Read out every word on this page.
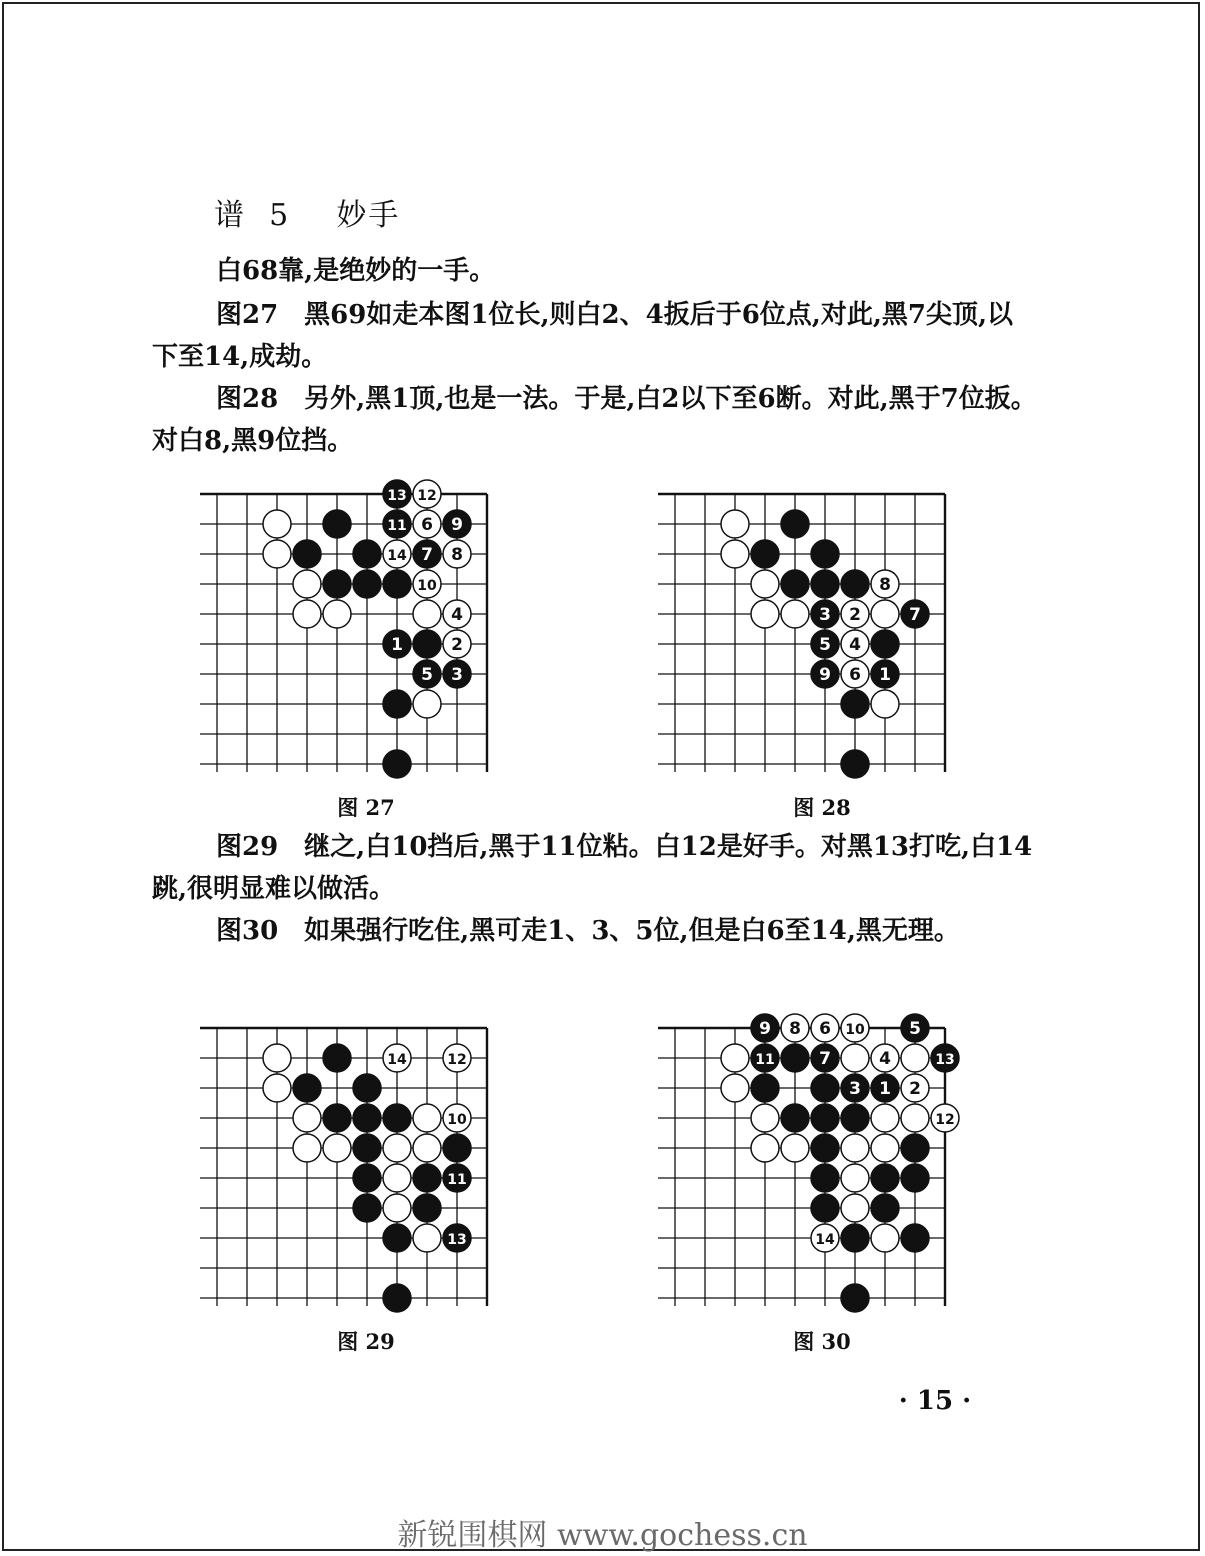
谱 5 妙手
白68靠,是绝妙的一手。
图27　黑69如走本图1位长,则白2、4扳后于6位点,对此,黑7尖顶,以下至14,成劫。
图28　另外,黑1顶,也是一法。于是,白2以下至6断。对此,黑于7位扳。对白8,黑9位挡。
11 6 9
14 7 8
10
4
1	2
5 3
13 12
图 27
8
3 2	7
5 4
9 6 1
图 28
图29　继之,白10挡后,黑于11位粘。白12是好手。对黑13打吃,白14跳,很明显难以做活。
图30　如果强行吃住,黑可走1、3、5位,但是白6至14,黑无理。
14	12
10
11
13
图 29
9 8 6 10	5
11	7	4	13
3 1 2
12
14
图 30
· 15 ·
新锐围棋网 www.gochess.cn
